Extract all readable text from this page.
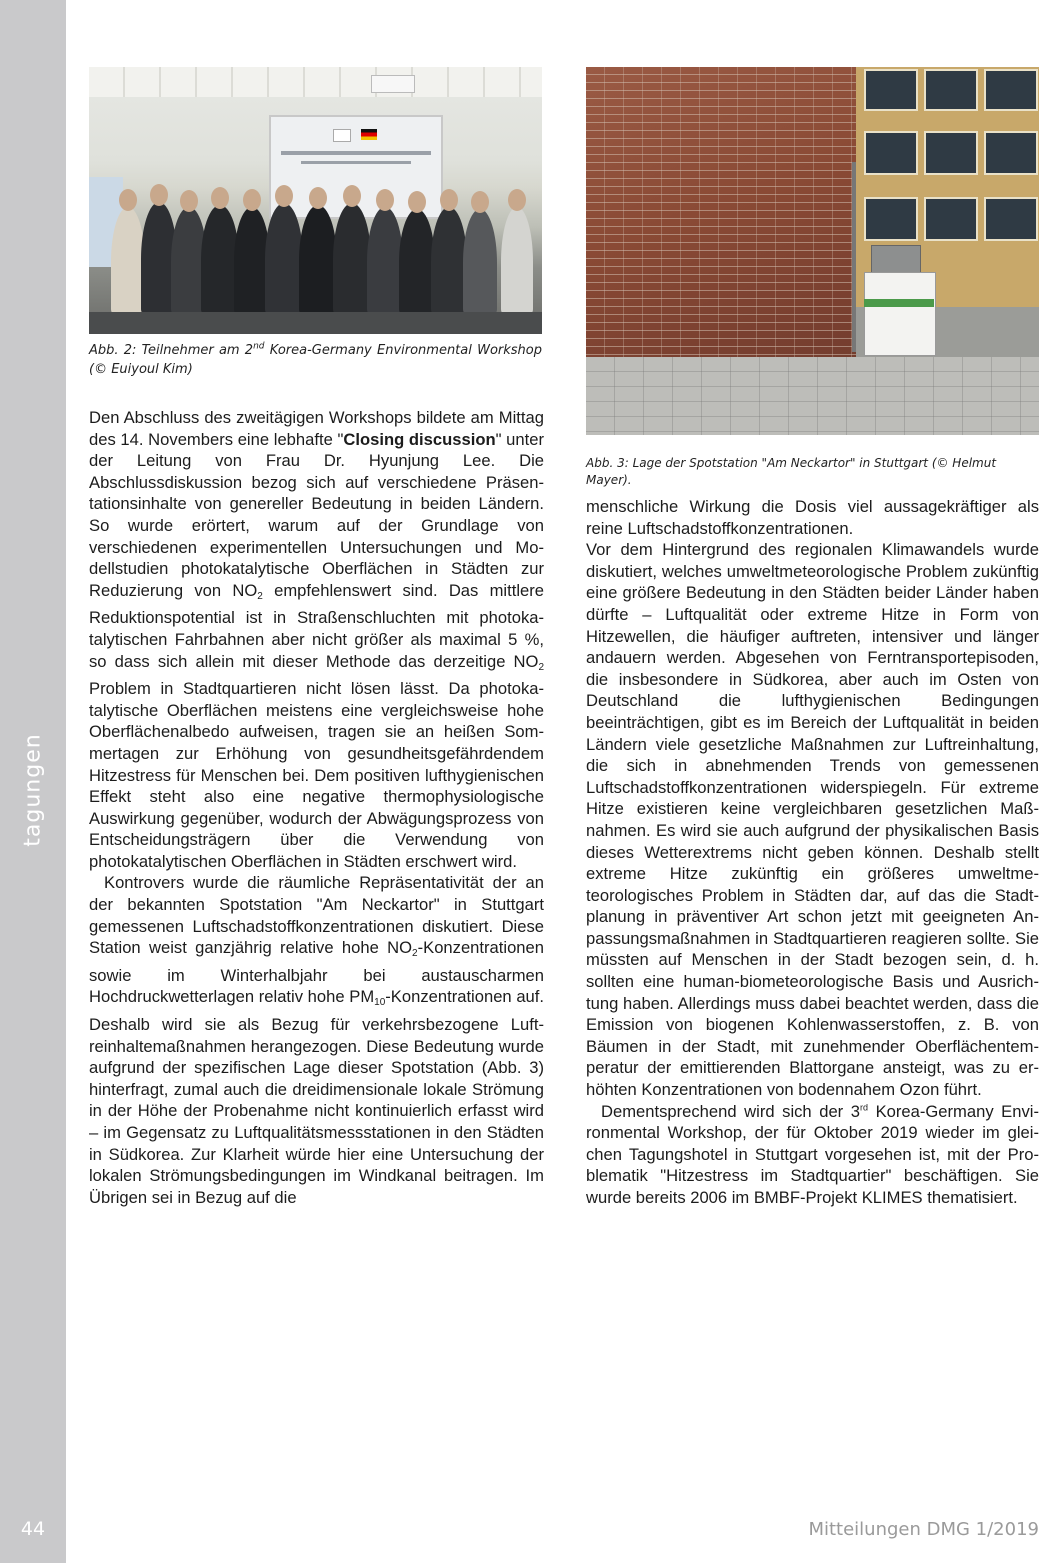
tagungen
44
Abb. 2: Teilnehmer am 2nd Korea-Germany Environmental Workshop (© Euiyoul Kim)
Abb. 3: Lage der Spotstation "Am Neckartor" in Stuttgart (© Helmut Mayer).

Den Abschluss des zweitägigen Workshops bildete am Mittag des 14. Novembers eine lebhafte "Closing discussion" unter der Leitung von Frau Dr. Hyunjung Lee. Die Abschlussdiskussion bezog sich auf verschiedene Präsentationsinhalte von genereller Bedeutung in beiden Ländern. So wurde erörtert, warum auf der Grundlage von verschiedenen experimentellen Untersuchungen und Modellstudien photokatalytische Oberflächen in Städten zur Reduzierung von $NO_2$ empfehlenswert sind. Das mittlere Reduktionspotential ist in Straßenschluchten mit photokatalytischen Fahrbahnen aber nicht größer als maximal 5 %, so dass sich allein mit dieser Methode das derzeitige $NO_2$ Problem in Stadtquartieren nicht lösen lässt. Da photokatalytische Oberflächen meistens eine vergleichsweise hohe Oberflächenalbedo aufweisen, tragen sie an heißen Sommertagen zur Erhöhung von gesundheitsgefährdendem Hitzestress für Menschen bei. Dem positiven lufthygienischen Effekt steht also eine negative thermophysiologische Auswirkung gegenüber, wodurch der Abwägungsprozess von Entscheidungsträgern über die Verwendung von photokatalytischen Oberflächen in Städten erschwert wird.

Kontrovers wurde die räumliche Repräsentativität der an der bekannten Spotstation "Am Neckartor" in Stuttgart gemessenen Luftschadstoffkonzentrationen diskutiert. Diese Station weist ganzjährig relative hohe $NO_2$-Konzentrationen sowie im Winterhalbjahr bei austauscharmen Hochdruckwetterlagen relativ hohe $PM_{10}$-Konzentrationen auf. Deshalb wird sie als Bezug für verkehrsbezogene Luftreinhaltemaßnahmen herangezogen. Diese Bedeutung wurde aufgrund der spezifischen Lage dieser Spotstation (Abb. 3) hinterfragt, zumal auch die dreidimensionale lokale Strömung in der Höhe der Probenahme nicht kontinuierlich erfasst wird – im Gegensatz zu Luftqualitätsmessstationen in den Städten in Südkorea. Zur Klarheit würde hier eine Untersuchung der lokalen Strömungsbedingungen im Windkanal beitragen. Im Übrigen sei in Bezug auf die

menschliche Wirkung die Dosis viel aussagekräftiger als reine Luftschadstoffkonzentrationen.

Vor dem Hintergrund des regionalen Klimawandels wurde diskutiert, welches umweltmeteorologische Problem zukünftig eine größere Bedeutung in den Städten beider Länder haben dürfte – Luftqualität oder extreme Hitze in Form von Hitzewellen, die häufiger auftreten, intensiver und länger andauern werden. Abgesehen von Ferntransportepisoden, die insbesondere in Südkorea, aber auch im Osten von Deutschland die lufthygienischen Bedingungen beeinträchtigen, gibt es im Bereich der Luftqualität in beiden Ländern viele gesetzliche Maßnahmen zur Luftreinhaltung, die sich in abnehmenden Trends von gemessenen Luftschadstoffkonzentrationen widerspiegeln. Für extreme Hitze existieren keine vergleichbaren gesetzlichen Maßnahmen. Es wird sie auch aufgrund der physikalischen Basis dieses Wetterextrems nicht geben können. Deshalb stellt extreme Hitze zukünftig ein größeres umweltmeteorologisches Problem in Städten dar, auf das die Stadtplanung in präventiver Art schon jetzt mit geeigneten Anpassungsmaßnahmen in Stadtquartieren reagieren sollte. Sie müssten auf Menschen in der Stadt bezogen sein, d. h. sollten eine human-biometeorologische Basis und Ausrichtung haben. Allerdings muss dabei beachtet werden, dass die Emission von biogenen Kohlenwasserstoffen, z. B. von Bäumen in der Stadt, mit zunehmender Oberflächentemperatur der emittierenden Blattorgane ansteigt, was zu erhöhten Konzentrationen von bodennahem Ozon führt.

Dementsprechend wird sich der 3rd Korea-Germany Environmental Workshop, der für Oktober 2019 wieder im gleichen Tagungshotel in Stuttgart vorgesehen ist, mit der Problematik "Hitzestress im Stadtquartier" beschäftigen. Sie wurde bereits 2006 im BMBF-Projekt KLIMES thematisiert.

Mitteilungen DMG 1/2019
